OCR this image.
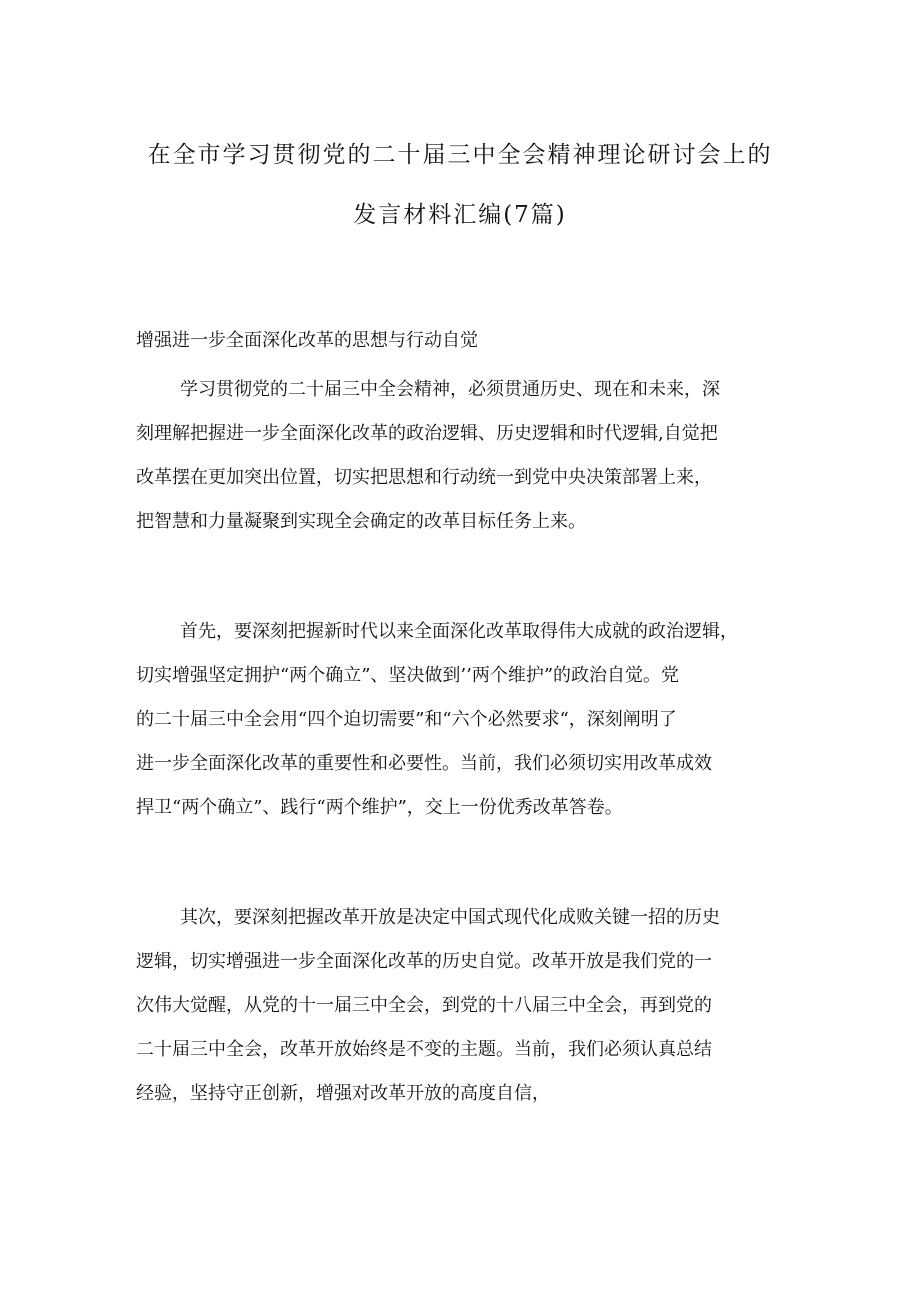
在全市学习贯彻党的二十届三中全会精神理论研讨会上的
发言材料汇编(7篇)
增强进一步全面深化改革的思想与行动自觉
学习贯彻党的二十届三中全会精神，必须贯通历史、现在和未来，深
刻理解把握进一步全面深化改革的政治逻辑、历史逻辑和时代逻辑,自觉把
改革摆在更加突出位置，切实把思想和行动统一到党中央决策部署上来，
把智慧和力量凝聚到实现全会确定的改革目标任务上来。
首先，要深刻把握新时代以来全面深化改革取得伟大成就的政治逻辑，
切实增强坚定拥护“两个确立”、坚决做到’’两个维护”的政治自觉。党
的二十届三中全会用“四个迫切需要”和“六个必然要求“，深刻阐明了
进一步全面深化改革的重要性和必要性。当前，我们必须切实用改革成效
捍卫“两个确立”、践行“两个维护”，交上一份优秀改革答卷。
其次，要深刻把握改革开放是决定中国式现代化成败关键一招的历史
逻辑，切实增强进一步全面深化改革的历史自觉。改革开放是我们党的一
次伟大觉醒，从党的十一届三中全会，到党的十八届三中全会，再到党的
二十届三中全会，改革开放始终是不变的主题。当前，我们必须认真总结
经验，坚持守正创新，增强对改革开放的高度自信，
